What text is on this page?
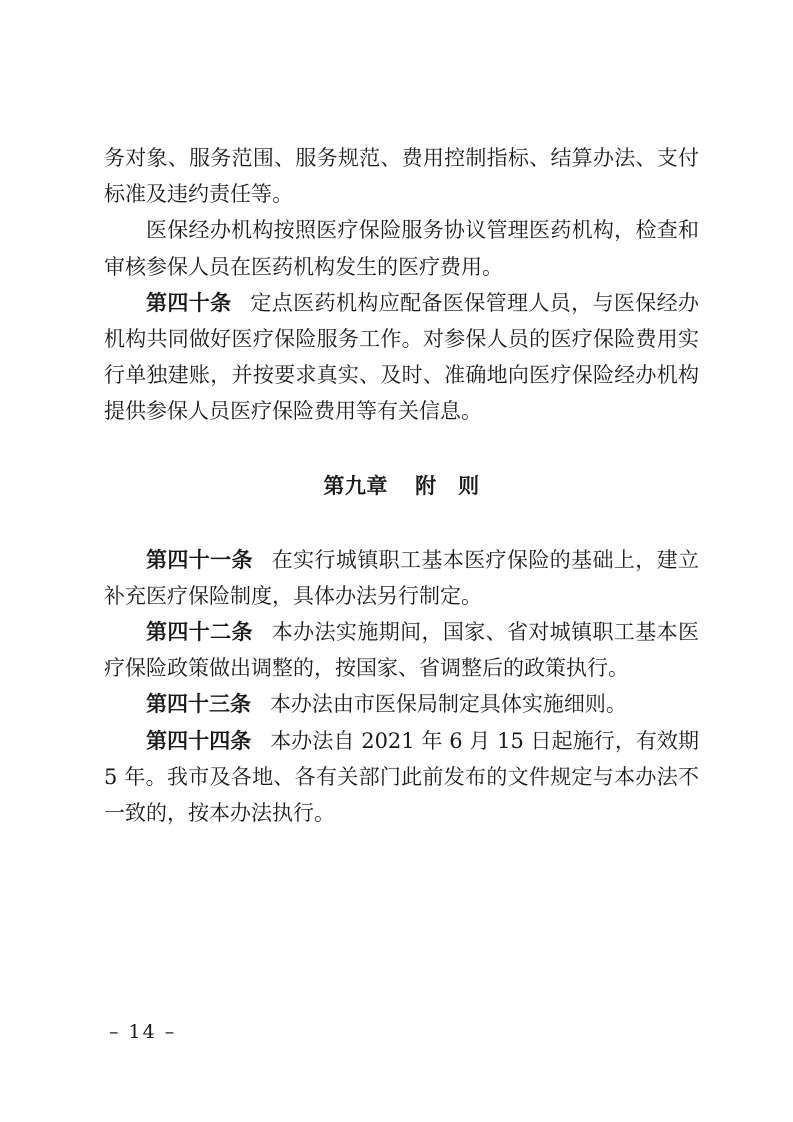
务对象、服务范围、服务规范、费用控制指标、结算办法、支付标准及违约责任等。

医保经办机构按照医疗保险服务协议管理医药机构，检查和审核参保人员在医药机构发生的医疗费用。

第四十条 定点医药机构应配备医保管理人员，与医保经办机构共同做好医疗保险服务工作。对参保人员的医疗保险费用实行单独建账，并按要求真实、及时、准确地向医疗保险经办机构提供参保人员医疗保险费用等有关信息。

第九章 附　则

第四十一条 在实行城镇职工基本医疗保险的基础上，建立补充医疗保险制度，具体办法另行制定。

第四十二条 本办法实施期间，国家、省对城镇职工基本医疗保险政策做出调整的，按国家、省调整后的政策执行。

第四十三条 本办法由市医保局制定具体实施细则。

第四十四条 本办法自 2021 年 6 月 15 日起施行，有效期 5 年。我市及各地、各有关部门此前发布的文件规定与本办法不一致的，按本办法执行。

– 14 –
